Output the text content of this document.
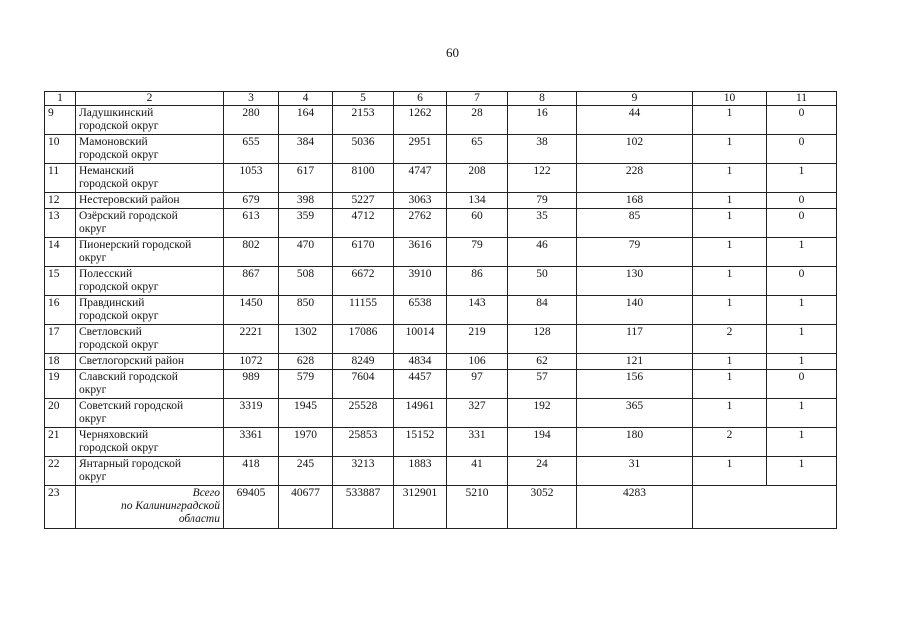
60
1	2	3	4	5	6	7	8	9	10	11
9	Ладушкинский
городской округ	280	164	2153	1262	28	16	44	1	0
10	Мамоновский
городской округ	655	384	5036	2951	65	38	102	1	0
11	Неманский
городской округ	1053	617	8100	4747	208	122	228	1	1
12	Нестеровский район	679	398	5227	3063	134	79	168	1	0
13	Озёрский городской
округ	613	359	4712	2762	60	35	85	1	0
14	Пионерский городской
округ	802	470	6170	3616	79	46	79	1	1
15	Полесский
городской округ	867	508	6672	3910	86	50	130	1	0
16	Правдинский
городской округ	1450	850	11155	6538	143	84	140	1	1
17	Светловский
городской округ	2221	1302	17086	10014	219	128	117	2	1
18	Светлогорский район	1072	628	8249	4834	106	62	121	1	1
19	Славский городской
округ	989	579	7604	4457	97	57	156	1	0
20	Советский городской
округ	3319	1945	25528	14961	327	192	365	1	1
21	Черняховский
городской округ	3361	1970	25853	15152	331	194	180	2	1
22	Янтарный городской
округ	418	245	3213	1883	41	24	31	1	1
23	Всего
по Калининградской
области	69405	40677	533887	312901	5210	3052	4283		
